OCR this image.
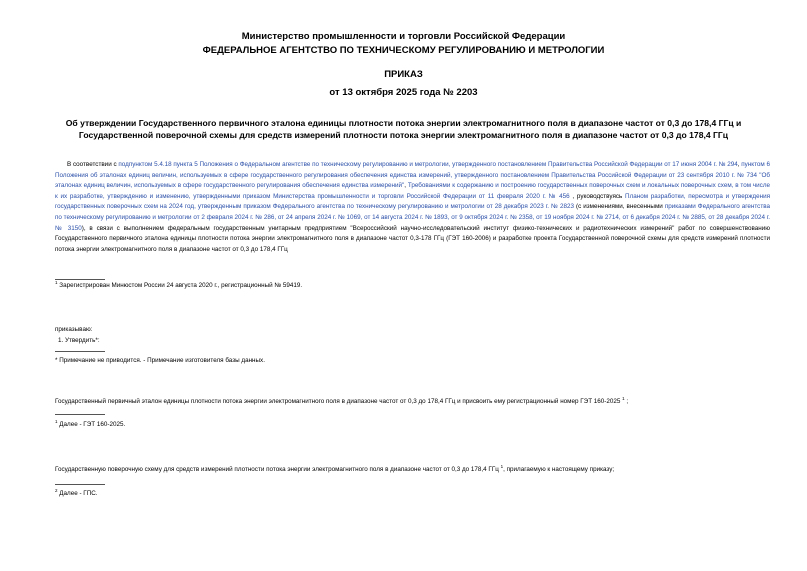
Министерство промышленности и торговли Российской Федерации
ФЕДЕРАЛЬНОЕ АГЕНТСТВО ПО ТЕХНИЧЕСКОМУ РЕГУЛИРОВАНИЮ И МЕТРОЛОГИИ
ПРИКАЗ
от 13 октября 2025 года № 2203
Об утверждении Государственного первичного эталона единицы плотности потока энергии электромагнитного поля в диапазоне частот от 0,3 до 178,4 ГГц и Государственной поверочной схемы для средств измерений плотности потока энергии электромагнитного поля в диапазоне частот от 0,3 до 178,4 ГГц
В соответствии с подпунктом 5.4.18 пункта 5 Положения о Федеральном агентстве по техническому регулированию и метрологии, утвержденного постановлением Правительства Российской Федерации от 17 июня 2004 г. № 294, пунктом 6 Положения об эталонах единиц величин, используемых в сфере государственного регулирования обеспечения единства измерений, утвержденного постановлением Правительства Российской Федерации от 23 сентября 2010 г. № 734 "Об эталонах единиц величин, используемых в сфере государственного регулирования обеспечения единства измерений", Требованиями к содержанию и построению государственных поверочных схем и локальных поверочных схем, в том числе к их разработке, утверждению и изменению, утвержденными приказом Министерства промышленности и торговли Российской Федерации от 11 февраля 2020 г. № 456 , руководствуясь Планом разработки, пересмотра и утверждения государственных поверочных схем на 2024 год, утвержденным приказом Федерального агентства по техническому регулированию и метрологии от 28 декабря 2023 г. № 2823 (с изменениями, внесенными приказами Федерального агентства по техническому регулированию и метрологии от 2 февраля 2024 г. № 286, от 24 апреля 2024 г. № 1069, от 14 августа 2024 г. № 1893, от 9 октября 2024 г. № 2358, от 19 ноября 2024 г. № 2714, от 6 декабря 2024 г. № 2885, от 28 декабря 2024 г. № 3150), в связи с выполнением федеральным государственным унитарным предприятием "Всероссийский научно-исследовательский институт физико-технических и радиотехнических измерений" работ по совершенствованию Государственного первичного эталона единицы плотности потока энергии электромагнитного поля в диапазоне частот 0,3-178 ГГц (ГЭТ 160-2006) и разработке проекта Государственной поверочной схемы для средств измерений плотности потока энергии электромагнитного поля в диапазоне частот от 0,3 до 178,4 ГГц
$^1$ Зарегистрирован Минюстом России 24 августа 2020 г., регистрационный № 59419.
приказываю:
1. Утвердить*:
* Примечание не приводится. - Примечание изготовителя базы данных.
Государственный первичный эталон единицы плотности потока энергии электромагнитного поля в диапазоне частот от 0,3 до 178,4 ГГц и присвоить ему регистрационный номер ГЭТ 160-2025 $^1$ ;
$^1$ Далее - ГЭТ 160-2025.
Государственную поверочную схему для средств измерений плотности потока энергии электромагнитного поля в диапазоне частот от 0,3 до 178,4 ГГц $^1$, прилагаемую к настоящему приказу;
$^2$ Далее - ГПС.
